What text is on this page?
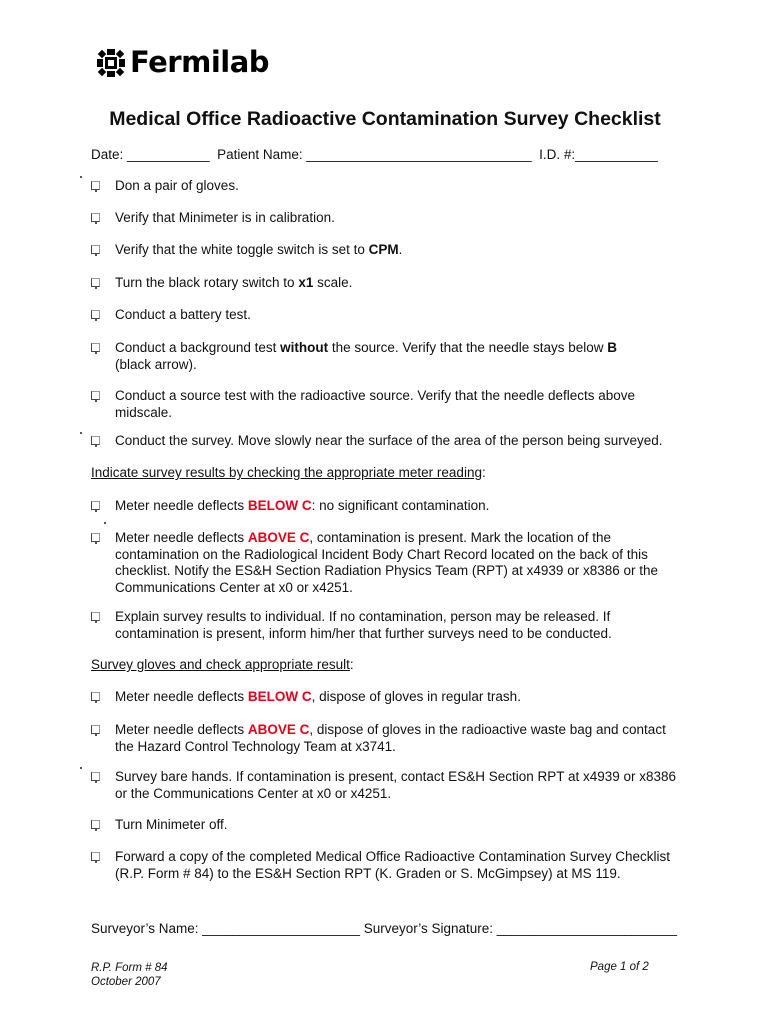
Fermilab
Medical Office Radioactive Contamination Survey Checklist
Date: ___________  Patient Name: ______________________________  I.D. #:___________
Don a pair of gloves.
Verify that Minimeter is in calibration.
Verify that the white toggle switch is set to CPM.
Turn the black rotary switch to x1 scale.
Conduct a battery test.
Conduct a background test without the source. Verify that the needle stays below B
(black arrow).
Conduct a source test with the radioactive source. Verify that the needle deflects above
midscale.
Conduct the survey. Move slowly near the surface of the area of the person being surveyed.
Indicate survey results by checking the appropriate meter reading:
Meter needle deflects BELOW C: no significant contamination.
Meter needle deflects ABOVE C, contamination is present. Mark the location of the
contamination on the Radiological Incident Body Chart Record located on the back of this
checklist. Notify the ES&H Section Radiation Physics Team (RPT) at x4939 or x8386 or the
Communications Center at x0 or x4251.
Explain survey results to individual. If no contamination, person may be released. If
contamination is present, inform him/her that further surveys need to be conducted.
Survey gloves and check appropriate result:
Meter needle deflects BELOW C, dispose of gloves in regular trash.
Meter needle deflects ABOVE C, dispose of gloves in the radioactive waste bag and contact
the Hazard Control Technology Team at x3741.
Survey bare hands. If contamination is present, contact ES&H Section RPT at x4939 or x8386
or the Communications Center at x0 or x4251.
Turn Minimeter off.
Forward a copy of the completed Medical Office Radioactive Contamination Survey Checklist
(R.P. Form # 84) to the ES&H Section RPT (K. Graden or S. McGimpsey) at MS 119.
Surveyor’s Name: _____________________ Surveyor’s Signature: ________________________
R.P. Form # 84
October 2007
Page 1 of 2
